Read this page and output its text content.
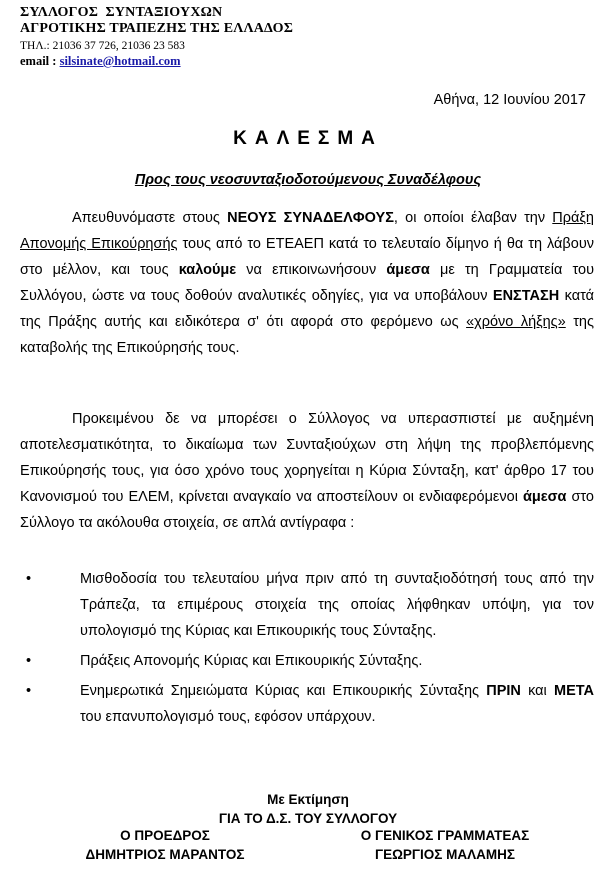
ΣΥΛΛΟΓΟΣ  ΣΥΝΤΑΞΙΟΥΧΩΝ
ΑΓΡΟΤΙΚΗΣ ΤΡΑΠΕΖΗΣ ΤΗΣ ΕΛΛΑΔΟΣ
ΤΗΛ.: 21036 37 726, 21036 23 583
email : silsinate@hotmail.com
Αθήνα, 12 Ιουνίου 2017
ΚΑΛΕΣΜΑ
Προς τους νεοσυνταξιοδοτούμενους Συναδέλφους
Απευθυνόμαστε στους ΝΕΟΥΣ ΣΥΝΑΔΕΛΦΟΥΣ, οι οποίοι έλαβαν την Πράξη Απονομής Επικούρησής τους από το ΕΤΕΑΕΠ κατά το τελευταίο δίμηνο ή θα τη λάβουν στο μέλλον, και τους καλούμε να επικοινωνήσουν άμεσα με τη Γραμματεία του Συλλόγου, ώστε να τους δοθούν αναλυτικές οδηγίες, για να υποβάλουν ΕΝΣΤΑΣΗ κατά της Πράξης αυτής και ειδικότερα σ' ότι αφορά στο φερόμενο ως «χρόνο λήξης» της καταβολής της Επικούρησής τους.
Προκειμένου δε να μπορέσει ο Σύλλογος να υπερασπιστεί με αυξημένη αποτελεσματικότητα, το δικαίωμα των Συνταξιούχων στη λήψη της προβλεπόμενης Επικούρησής τους, για όσο χρόνο τους χορηγείται η Κύρια Σύνταξη, κατ' άρθρο 17 του Κανονισμού του ΕΛΕΜ, κρίνεται αναγκαίο να αποστείλουν οι ενδιαφερόμενοι άμεσα στο Σύλλογο τα ακόλουθα στοιχεία, σε απλά αντίγραφα :
•	Μισθοδοσία του τελευταίου μήνα πριν από τη συνταξιοδότησή τους από την Τράπεζα, τα επιμέρους στοιχεία της οποίας λήφθηκαν υπόψη, για τον υπολογισμό της Κύριας και Επικουρικής τους Σύνταξης.
•	Πράξεις Απονομής Κύριας και Επικουρικής Σύνταξης.
•	Ενημερωτικά Σημειώματα Κύριας και Επικουρικής Σύνταξης ΠΡΙΝ και ΜΕΤΑ του επανυπολογισμό τους, εφόσον υπάρχουν.
Με Εκτίμηση
ΓΙΑ ΤΟ Δ.Σ. ΤΟΥ ΣΥΛΛΟΓΟΥ
Ο ΠΡΟΕΔΡΟΣ	Ο ΓΕΝΙΚΟΣ ΓΡΑΜΜΑΤΕΑΣ
ΔΗΜΗΤΡΙΟΣ ΜΑΡΑΝΤΟΣ	ΓΕΩΡΓΙΟΣ ΜΑΛΑΜΗΣ
